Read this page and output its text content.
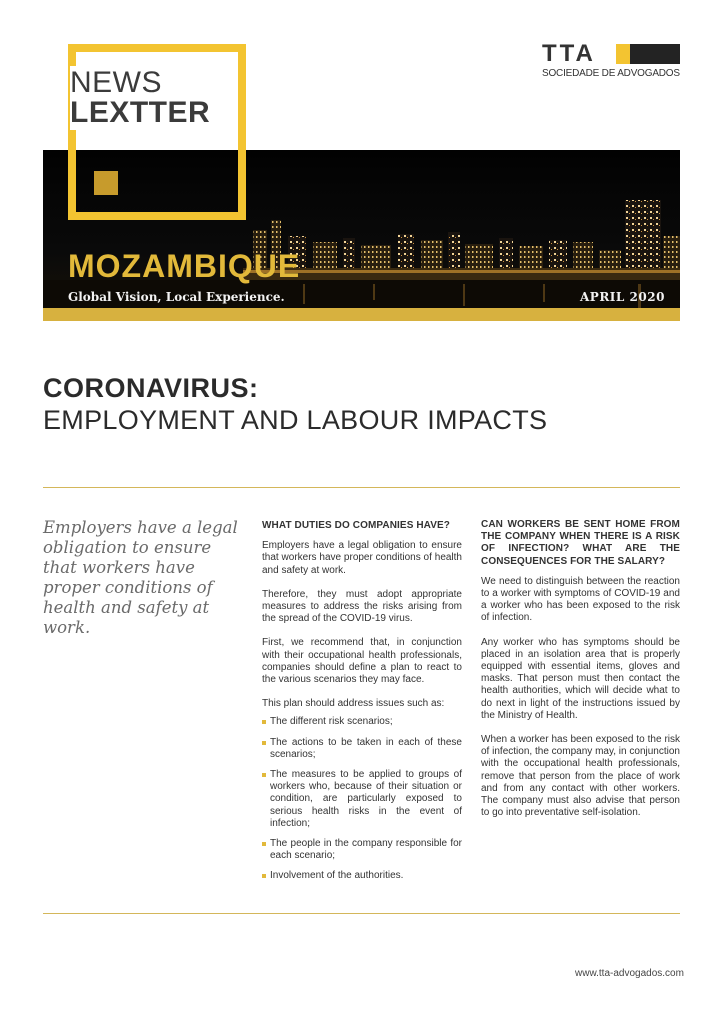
NEWS
LEXTTER
TTA
SOCIEDADE DE ADVOGADOS
MOZAMBIQUE
Global Vision, Local Experience.	APRIL 2020
CORONAVIRUS:
EMPLOYMENT AND LABOUR IMPACTS
Employers have a legal obligation to ensure that workers have proper conditions of health and safety at work.
WHAT DUTIES DO COMPANIES HAVE?

Employers have a legal obligation to ensure that workers have proper conditions of health and safety at work.

Therefore, they must adopt appropriate measures to address the risks arising from the spread of the COVID-19 virus.

First, we recommend that, in conjunction with their occupational health professionals, companies should define a plan to react to the various scenarios they may face.

This plan should address issues such as:

The different risk scenarios;
The actions to be taken in each of these scenarios;
The measures to be applied to groups of workers who, because of their situation or condition, are particularly exposed to serious health risks in the event of infection;
The people in the company responsible for each scenario;
Involvement of the authorities.
CAN WORKERS BE SENT HOME FROM THE COMPANY WHEN THERE IS A RISK OF INFECTION? WHAT ARE THE CONSEQUENCES FOR THE SALARY?

We need to distinguish between the reaction to a worker with symptoms of COVID-19 and a worker who has been exposed to the risk of infection.

Any worker who has symptoms should be placed in an isolation area that is properly equipped with essential items, gloves and masks. That person must then contact the health authorities, which will decide what to do next in light of the instructions issued by the Ministry of Health.

When a worker has been exposed to the risk of infection, the company may, in conjunction with the occupational health professionals, remove that person from the place of work and from any contact with other workers. The company must also advise that person to go into preventative self-isolation.

www.tta-advogados.com
